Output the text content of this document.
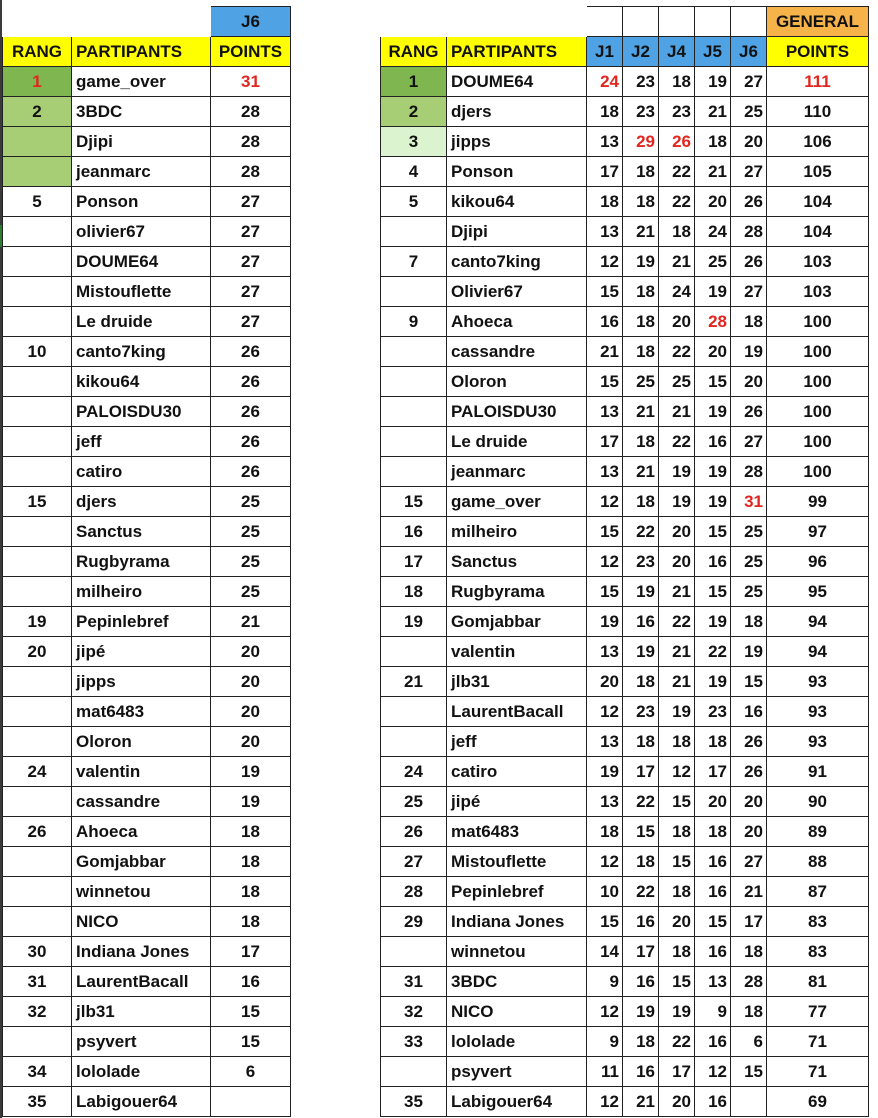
		J6
RANG	PARTIPANTS	POINTS
1	game_over	31
2	3BDC	28
	Djipi	28
	jeanmarc	28
5	Ponson	27
	olivier67	27
	DOUME64	27
	Mistouflette	27
	Le druide	27
10	canto7king	26
	kikou64	26
	PALOISDU30	26
	jeff	26
	catiro	26
15	djers	25
	Sanctus	25
	Rugbyrama	25
	milheiro	25
19	Pepinlebref	21
20	jipé	20
	jipps	20
	mat6483	20
	Oloron	20
24	valentin	19
	cassandre	19
26	Ahoeca	18
	Gomjabbar	18
	winnetou	18
	NICO	18
30	Indiana Jones	17
31	LaurentBacall	16
32	jlb31	15
	psyvert	15
34	lololade	6
35	Labigouer64	
							GENERAL
RANG	PARTIPANTS	J1	J2	J4	J5	J6	POINTS
1	DOUME64	24	23	18	19	27	111
2	djers	18	23	23	21	25	110
3	jipps	13	29	26	18	20	106
4	Ponson	17	18	22	21	27	105
5	kikou64	18	18	22	20	26	104
	Djipi	13	21	18	24	28	104
7	canto7king	12	19	21	25	26	103
	Olivier67	15	18	24	19	27	103
9	Ahoeca	16	18	20	28	18	100
	cassandre	21	18	22	20	19	100
	Oloron	15	25	25	15	20	100
	PALOISDU30	13	21	21	19	26	100
	Le druide	17	18	22	16	27	100
	jeanmarc	13	21	19	19	28	100
15	game_over	12	18	19	19	31	99
16	milheiro	15	22	20	15	25	97
17	Sanctus	12	23	20	16	25	96
18	Rugbyrama	15	19	21	15	25	95
19	Gomjabbar	19	16	22	19	18	94
	valentin	13	19	21	22	19	94
21	jlb31	20	18	21	19	15	93
	LaurentBacall	12	23	19	23	16	93
	jeff	13	18	18	18	26	93
24	catiro	19	17	12	17	26	91
25	jipé	13	22	15	20	20	90
26	mat6483	18	15	18	18	20	89
27	Mistouflette	12	18	15	16	27	88
28	Pepinlebref	10	22	18	16	21	87
29	Indiana Jones	15	16	20	15	17	83
	winnetou	14	17	18	16	18	83
31	3BDC	9	16	15	13	28	81
32	NICO	12	19	19	9	18	77
33	lololade	9	18	22	16	6	71
	psyvert	11	16	17	12	15	71
35	Labigouer64	12	21	20	16		69
